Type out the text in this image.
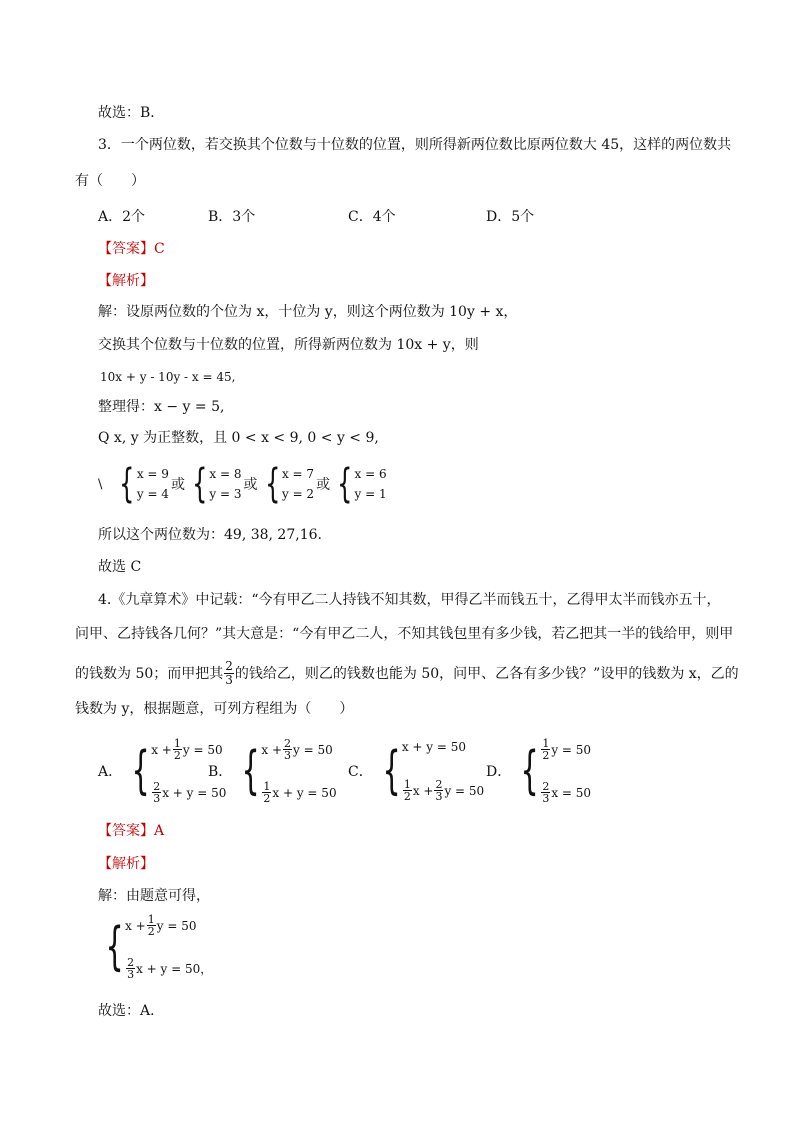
故选：B．
3．一个两位数，若交换其个位数与十位数的位置，则所得新两位数比原两位数大 45，这样的两位数共
有（　　）
A．2个	B．3个	C．4个	D．5个
【答案】C
【解析】
解：设原两位数的个位为 x，十位为 y，则这个两位数为 10y + x，
交换其个位数与十位数的位置，所得新两位数为 10x + y，则
10x + y - 10y - x = 45,
整理得：x − y = 5,
Q x, y 为正整数，且 0 < x < 9, 0 < y < 9,
\ { x = 9
y = 4
或 { x = 8
y = 3
或 { x = 7
y = 2
或 { x = 6
y = 1
所以这个两位数为：49, 38, 27,16.
故选 C
4.《九章算术》中记载：“今有甲乙二人持钱不知其数，甲得乙半而钱五十，乙得甲太半而钱亦五十，
问甲、乙持钱各几何？”其大意是：“今有甲乙二人，不知其钱包里有多少钱，若乙把其一半的钱给甲，则甲
的钱数为 50；而甲把其 $\frac{2}{3}$ 的钱给乙，则乙的钱数也能为 50，问甲、乙各有多少钱？”设甲的钱数为 x，乙的
钱数为 y，根据题意，可列方程组为（　　）
A． { $x + \frac{1}{2}$ y = 50
$\frac{2}{3}$ x + y = 50
B． { $x + \frac{2}{3}$ y = 50
$\frac{1}{2}$ x + y = 50
C． { x + y = 50
$\frac{1}{2}$ $x + \frac{2}{3}$ y = 50
D． { $\frac{1}{2}$ y = 50
$\frac{2}{3}$ x = 50
【答案】A
【解析】
解：由题意可得，
{ $x + \frac{1}{2}$ y = 50
$\frac{2}{3}$ x + y = 50 ，
故选：A．
